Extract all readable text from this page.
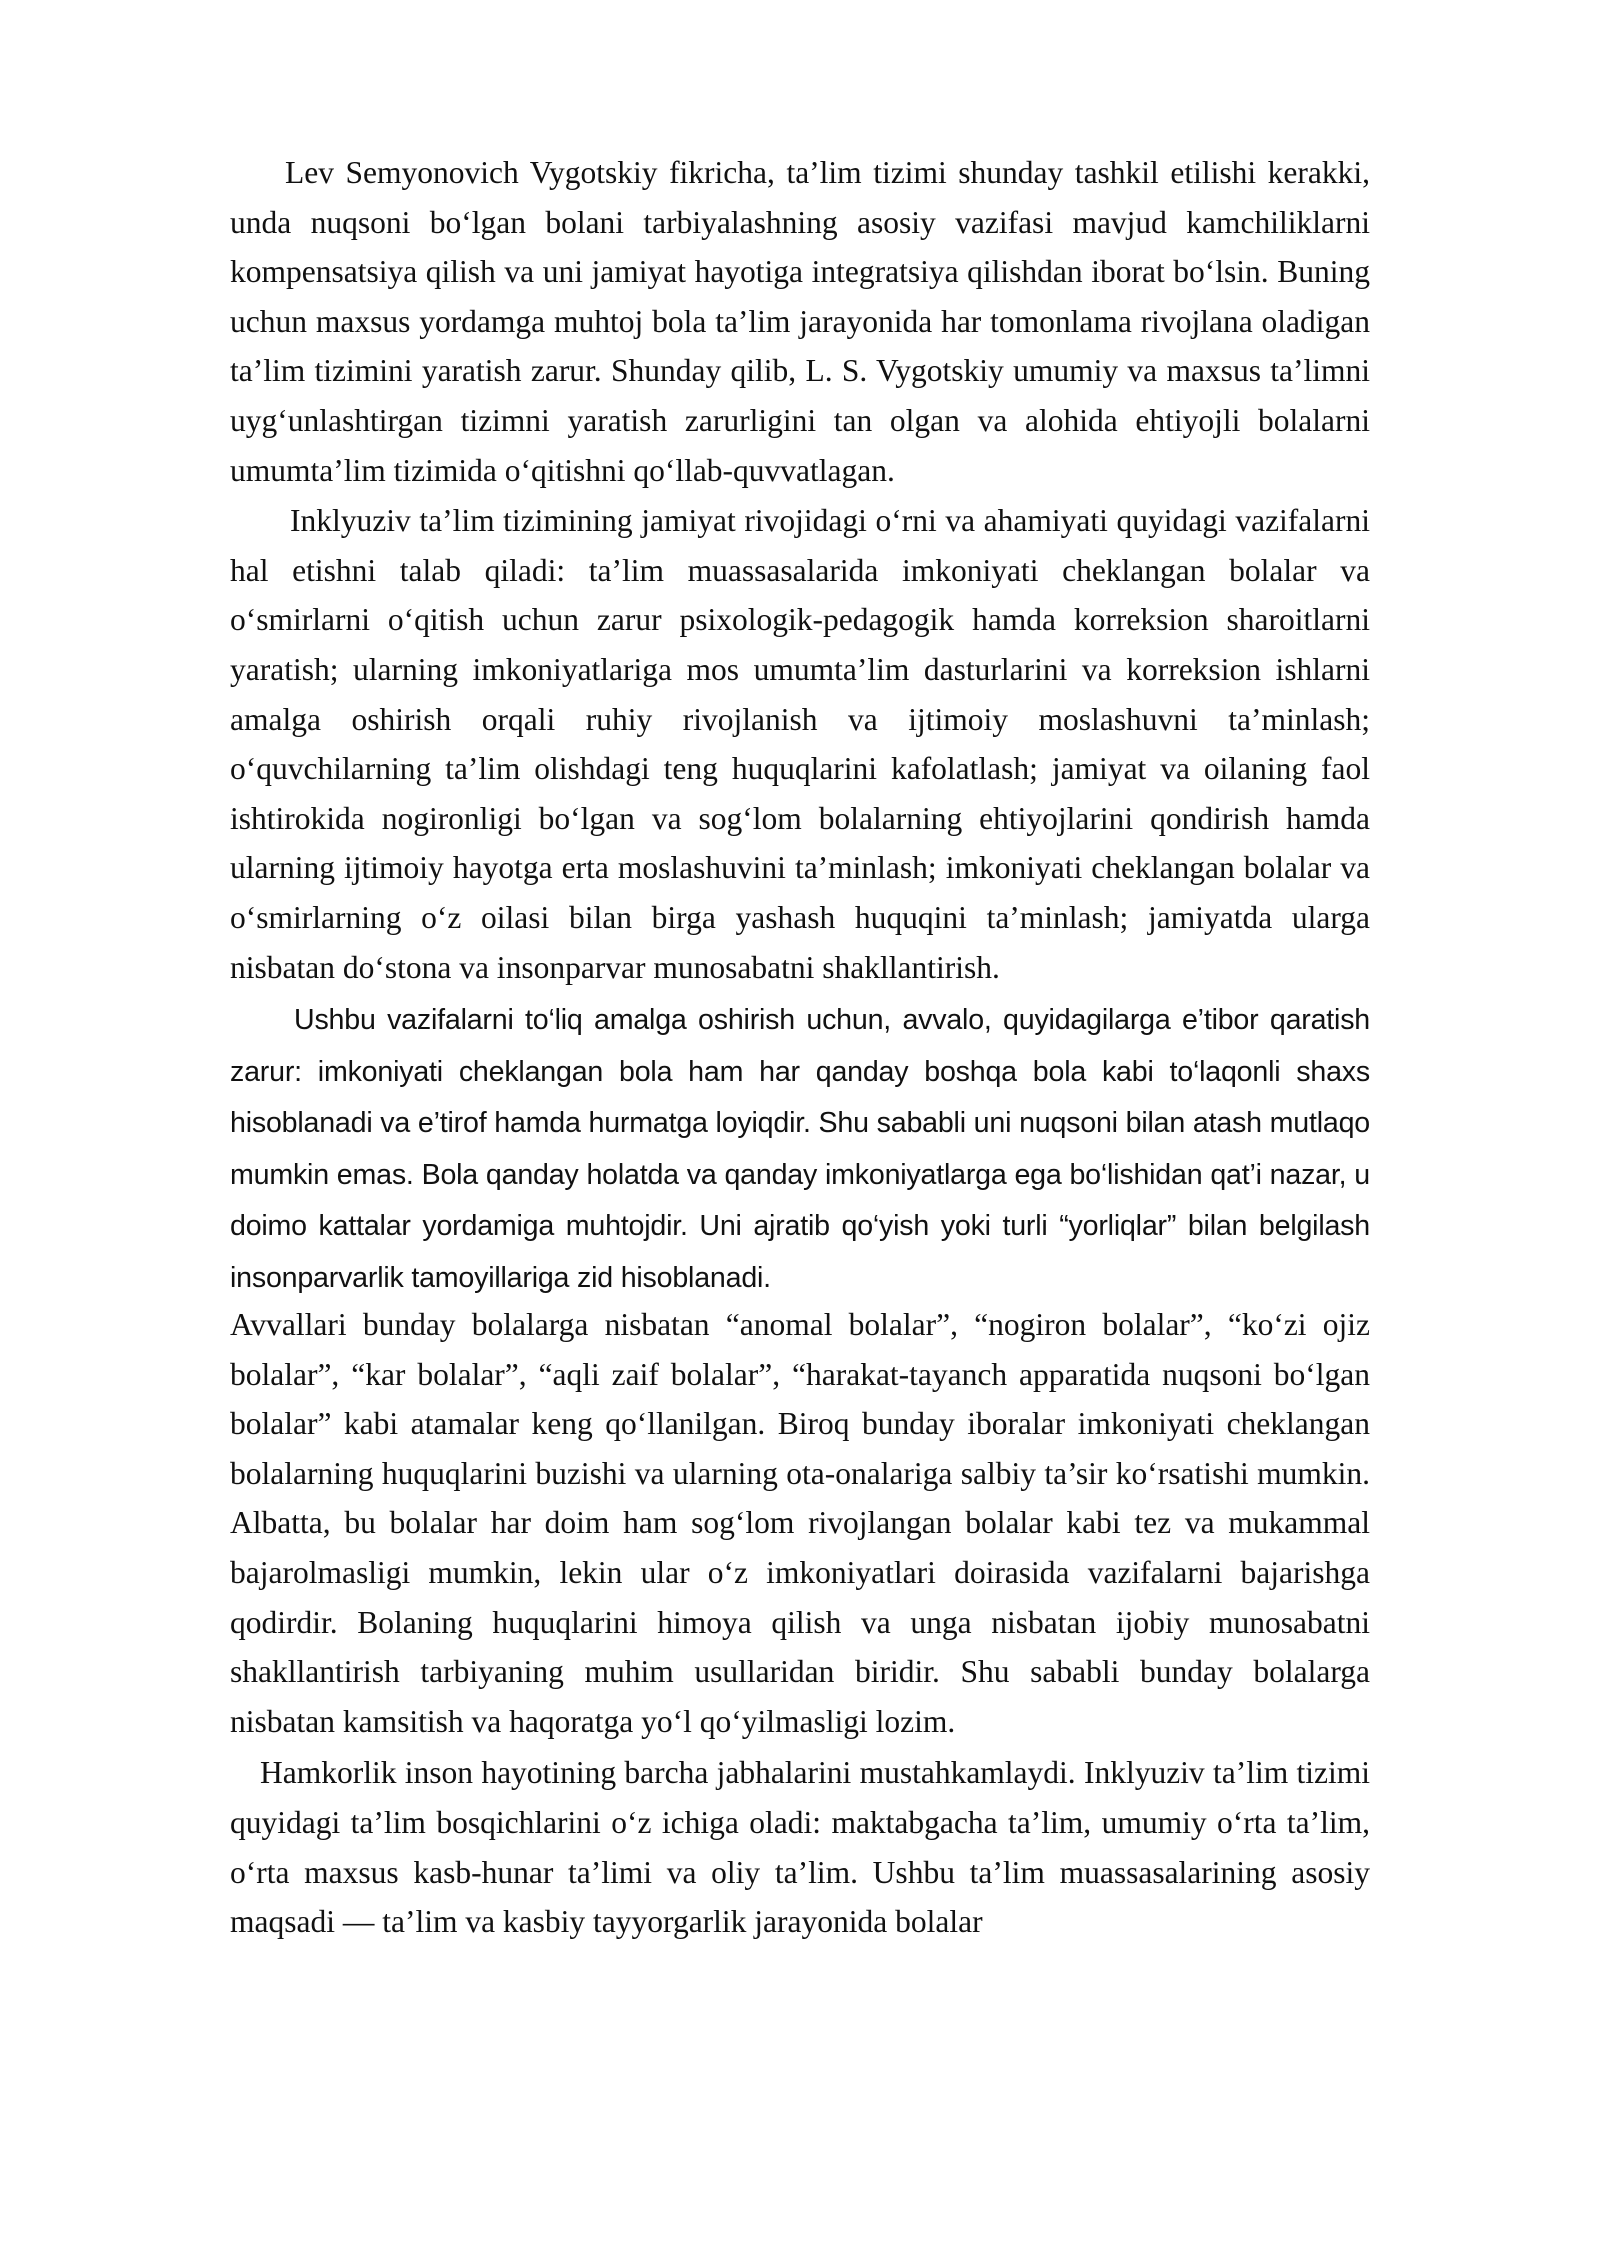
Lev Semyonovich Vygotskiy fikricha, ta’lim tizimi shunday tashkil etilishi kerakki, unda nuqsoni bo‘lgan bolani tarbiyalashning asosiy vazifasi mavjud kamchiliklarni kompensatsiya qilish va uni jamiyat hayotiga integratsiya qilishdan iborat bo‘lsin. Buning uchun maxsus yordamga muhtoj bola ta’lim jarayonida har tomonlama rivojlana oladigan ta’lim tizimini yaratish zarur. Shunday qilib, L. S. Vygotskiy umumiy va maxsus ta’limni uyg‘unlashtirgan tizimni yaratish zarurligini tan olgan va alohida ehtiyojli bolalarni umumta’lim tizimida o‘qitishni qo‘llab-quvvatlagan.

Inklyuziv ta’lim tizimining jamiyat rivojidagi o‘rni va ahamiyati quyidagi vazifalarni hal etishni talab qiladi: ta’lim muassasalarida imkoniyati cheklangan bolalar va o‘smirlarni o‘qitish uchun zarur psixologik-pedagogik hamda korreksion sharoitlarni yaratish; ularning imkoniyatlariga mos umumta’lim dasturlarini va korreksion ishlarni amalga oshirish orqali ruhiy rivojlanish va ijtimoiy moslashuvni ta’minlash; o‘quvchilarning ta’lim olishdagi teng huquqlarini kafolatlash; jamiyat va oilaning faol ishtirokida nogironligi bo‘lgan va sog‘lom bolalarning ehtiyojlarini qondirish hamda ularning ijtimoiy hayotga erta moslashuvini ta’minlash; imkoniyati cheklangan bolalar va o‘smirlarning o‘z oilasi bilan birga yashash huquqini ta’minlash; jamiyatda ularga nisbatan do‘stona va insonparvar munosabatni shakllantirish.

Ushbu vazifalarni to‘liq amalga oshirish uchun, avvalo, quyidagilarga e’tibor qaratish zarur: imkoniyati cheklangan bola ham har qanday boshqa bola kabi to‘laqonli shaxs hisoblanadi va e’tirof hamda hurmatga loyiqdir. Shu sababli uni nuqsoni bilan atash mutlaqo mumkin emas. Bola qanday holatda va qanday imkoniyatlarga ega bo‘lishidan qat’i nazar, u doimo kattalar yordamiga muhtojdir. Uni ajratib qo‘yish yoki turli “yorliqlar” bilan belgilash insonparvarlik tamoyillariga zid hisoblanadi.

Avvallari bunday bolalarga nisbatan “anomal bolalar”, “nogiron bolalar”, “ko‘zi ojiz bolalar”, “kar bolalar”, “aqli zaif bolalar”, “harakat-tayanch apparatida nuqsoni bo‘lgan bolalar” kabi atamalar keng qo‘llanilgan. Biroq bunday iboralar imkoniyati cheklangan bolalarning huquqlarini buzishi va ularning ota-onalariga salbiy ta’sir ko‘rsatishi mumkin. Albatta, bu bolalar har doim ham sog‘lom rivojlangan bolalar kabi tez va mukammal bajarolmasligi mumkin, lekin ular o‘z imkoniyatlari doirasida vazifalarni bajarishga qodirdir. Bolaning huquqlarini himoya qilish va unga nisbatan ijobiy munosabatni shakllantirish tarbiyaning muhim usullaridan biridir. Shu sababli bunday bolalarga nisbatan kamsitish va haqoratga yo‘l qo‘yilmasligi lozim.

Hamkorlik inson hayotining barcha jabhalarini mustahkamlaydi. Inklyuziv ta’lim tizimi quyidagi ta’lim bosqichlarini o‘z ichiga oladi: maktabgacha ta’lim, umumiy o‘rta ta’lim, o‘rta maxsus kasb-hunar ta’limi va oliy ta’lim. Ushbu ta’lim muassasalarining asosiy maqsadi — ta’lim va kasbiy tayyorgarlik jarayonida bolalar
